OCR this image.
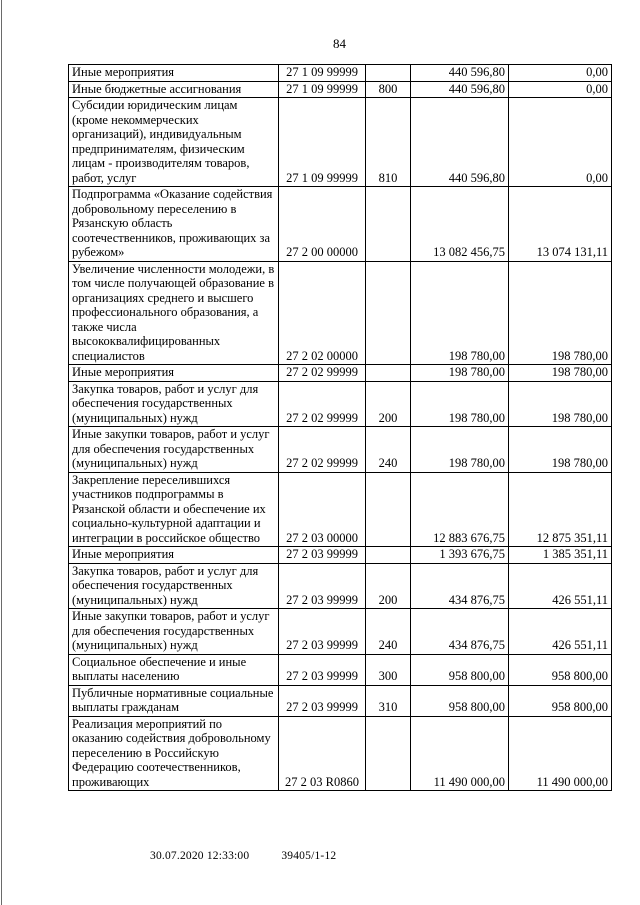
84
Иные мероприятия	27 1 09 99999		440 596,80	0,00
Иные бюджетные ассигнования	27 1 09 99999	800	440 596,80	0,00
Субсидии юридическим лицам (кроме некоммерческих организаций), индивидуальным предпринимателям, физическим лицам - производителям товаров, работ, услуг	27 1 09 99999	810	440 596,80	0,00
Подпрограмма «Оказание содействия добровольному переселению в Рязанскую область соотечественников, проживающих за рубежом»	27 2 00 00000		13 082 456,75	13 074 131,11
Увеличение численности молодежи, в том числе получающей образование в организациях среднего и высшего профессионального образования, а также числа высококвалифицированных специалистов	27 2 02 00000		198 780,00	198 780,00
Иные мероприятия	27 2 02 99999		198 780,00	198 780,00
Закупка товаров, работ и услуг для обеспечения государственных (муниципальных) нужд	27 2 02 99999	200	198 780,00	198 780,00
Иные закупки товаров, работ и услуг для обеспечения государственных (муниципальных) нужд	27 2 02 99999	240	198 780,00	198 780,00
Закрепление переселившихся участников подпрограммы в Рязанской области и обеспечение их социально-культурной адаптации и интеграции в российское общество	27 2 03 00000		12 883 676,75	12 875 351,11
Иные мероприятия	27 2 03 99999		1 393 676,75	1 385 351,11
Закупка товаров, работ и услуг для обеспечения государственных (муниципальных) нужд	27 2 03 99999	200	434 876,75	426 551,11
Иные закупки товаров, работ и услуг для обеспечения государственных (муниципальных) нужд	27 2 03 99999	240	434 876,75	426 551,11
Социальное обеспечение и иные выплаты населению	27 2 03 99999	300	958 800,00	958 800,00
Публичные нормативные социальные выплаты гражданам	27 2 03 99999	310	958 800,00	958 800,00
Реализация мероприятий по оказанию содействия добровольному переселению в Российскую Федерацию соотечественников, проживающих	27 2 03 R0860		11 490 000,00	11 490 000,00
30.07.2020 12:33:00	39405/1-12
